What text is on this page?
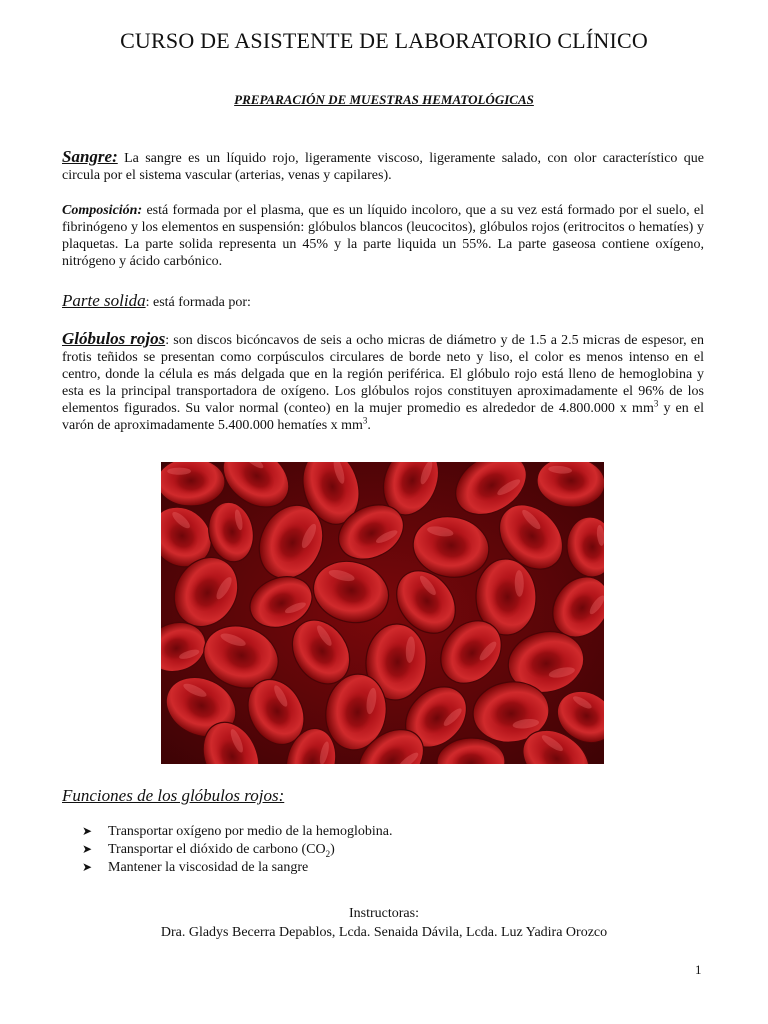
CURSO DE ASISTENTE DE LABORATORIO CLÍNICO
PREPARACIÓN DE MUESTRAS HEMATOLÓGICAS

Sangre: La sangre es un líquido rojo, ligeramente viscoso, ligeramente salado, con olor característico que circula por el sistema vascular (arterias, venas y capilares).

Composición: está formada por el plasma, que es un líquido incoloro, que a su vez está formado por el suelo, el fibrinógeno y los elementos en suspensión: glóbulos blancos (leucocitos), glóbulos rojos (eritrocitos o hematíes) y plaquetas. La parte solida representa un 45% y la parte liquida un 55%. La parte gaseosa contiene oxígeno, nitrógeno y ácido carbónico.

Parte solida: está formada por:

Glóbulos rojos: son discos bicóncavos de seis a ocho micras de diámetro y de 1.5 a 2.5 micras de espesor, en frotis teñidos se presentan como corpúsculos circulares de borde neto y liso, el color es menos intenso en el centro, donde la célula es más delgada que en la región periférica. El glóbulo rojo está lleno de hemoglobina y esta es la principal transportadora de oxígeno. Los glóbulos rojos constituyen aproximadamente el 96% de los elementos figurados. Su valor normal (conteo) en la mujer promedio es alrededor de 4.800.000 x $mm^3$ y en el varón de aproximadamente 5.400.000 hematíes x $mm^3$.

Funciones de los glóbulos rojos:
➤	Transportar oxígeno por medio de la hemoglobina.
➤	Transportar el dióxido de carbono $(CO_2)$
➤	Mantener la viscosidad de la sangre
Instructoras:
Dra. Gladys Becerra Depablos, Lcda. Senaida Dávila, Lcda. Luz Yadira Orozco
1
